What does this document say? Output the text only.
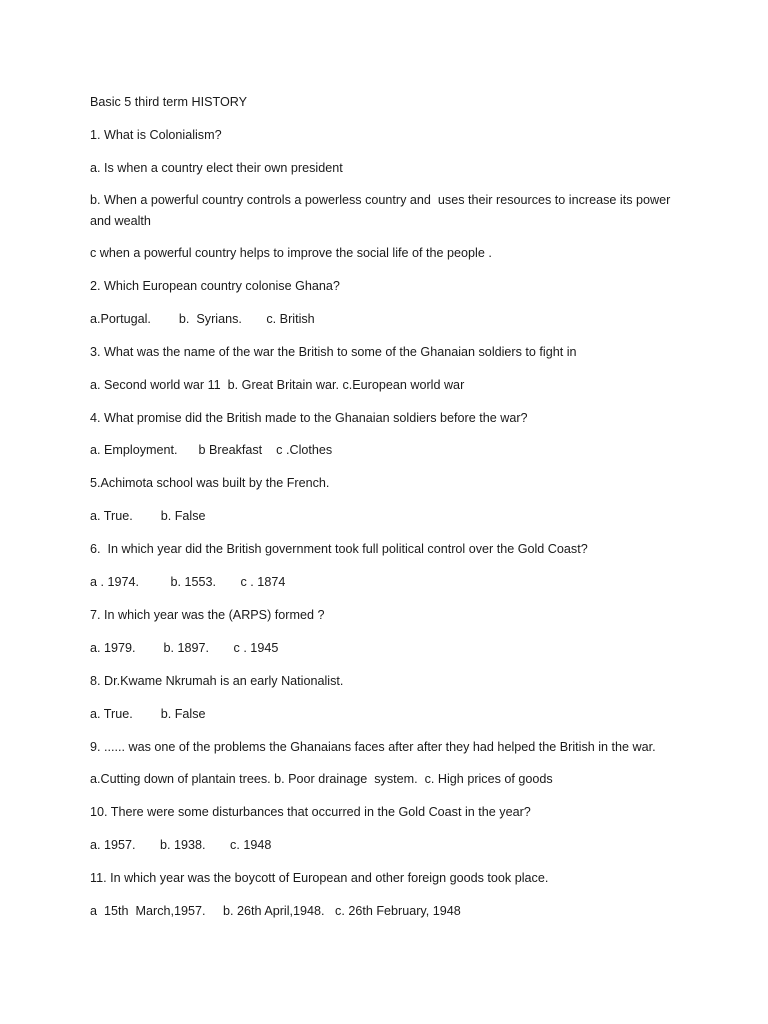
Basic 5 third term HISTORY

1. What is Colonialism?

a. Is when a country elect their own president

b. When a powerful country controls a powerless country and  uses their resources to increase its power and wealth

c when a powerful country helps to improve the social life of the people .

2. Which European country colonise Ghana?

a.Portugal.        b.  Syrians.       c. British

3. What was the name of the war the British to some of the Ghanaian soldiers to fight in

a. Second world war 11  b. Great Britain war. c.European world war

4. What promise did the British made to the Ghanaian soldiers before the war?

a. Employment.      b Breakfast    c .Clothes

5.Achimota school was built by the French.

a. True.        b. False

6.  In which year did the British government took full political control over the Gold Coast?

a . 1974.         b. 1553.       c . 1874

7. In which year was the (ARPS) formed ?

a. 1979.        b. 1897.       c . 1945

8. Dr.Kwame Nkrumah is an early Nationalist.

a. True.        b. False

9. ...... was one of the problems the Ghanaians faces after after they had helped the British in the war.

a.Cutting down of plantain trees. b. Poor drainage  system.  c. High prices of goods

10. There were some disturbances that occurred in the Gold Coast in the year?

a. 1957.       b. 1938.       c. 1948

11. In which year was the boycott of European and other foreign goods took place.

a  15th  March,1957.     b. 26th April,1948.   c. 26th February, 1948
